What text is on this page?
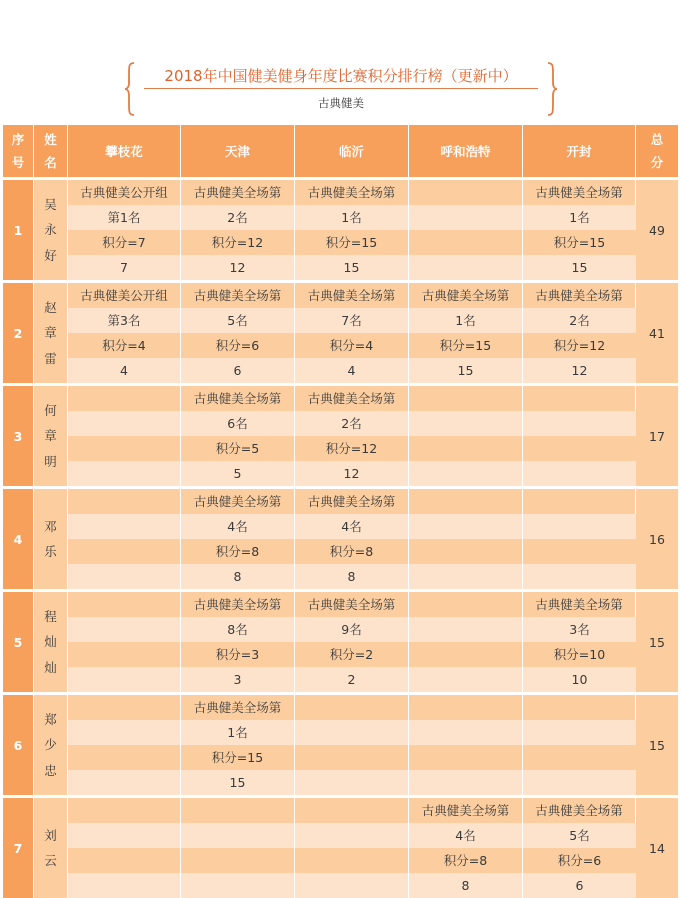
2018年中国健美健身年度比赛积分排行榜（更新中）
古典健美
序
号	姓
名	攀枝花	天津	临沂	呼和浩特	开封	总
分

1	吴
永
好	古典健美公开组	古典健美全场第	古典健美全场第		古典健美全场第	49
		第1名	2名	1名		1名	
		积分=7	积分=12	积分=15		积分=15	
		7	12	15		15	

2	赵
章
雷	古典健美公开组	古典健美全场第	古典健美全场第	古典健美全场第	古典健美全场第	41
		第3名	5名	7名	1名	2名	
		积分=4	积分=6	积分=4	积分=15	积分=12	
		4	6	4	15	12	

3	何
章
明		古典健美全场第	古典健美全场第			17
			6名	2名			
			积分=5	积分=12			
			5	12			

4	邓
乐		古典健美全场第	古典健美全场第			16
			4名	4名			
			积分=8	积分=8			
			8	8			

5	程
灿
灿		古典健美全场第	古典健美全场第		古典健美全场第	15
			8名	9名		3名	
			积分=3	积分=2		积分=10	
			3	2		10	

6	郑
少
忠		古典健美全场第				15
			1名				
			积分=15				
			15				

7	刘
云				古典健美全场第	古典健美全场第	14
					4名	5名	
					积分=8	积分=6	
					8	6	
